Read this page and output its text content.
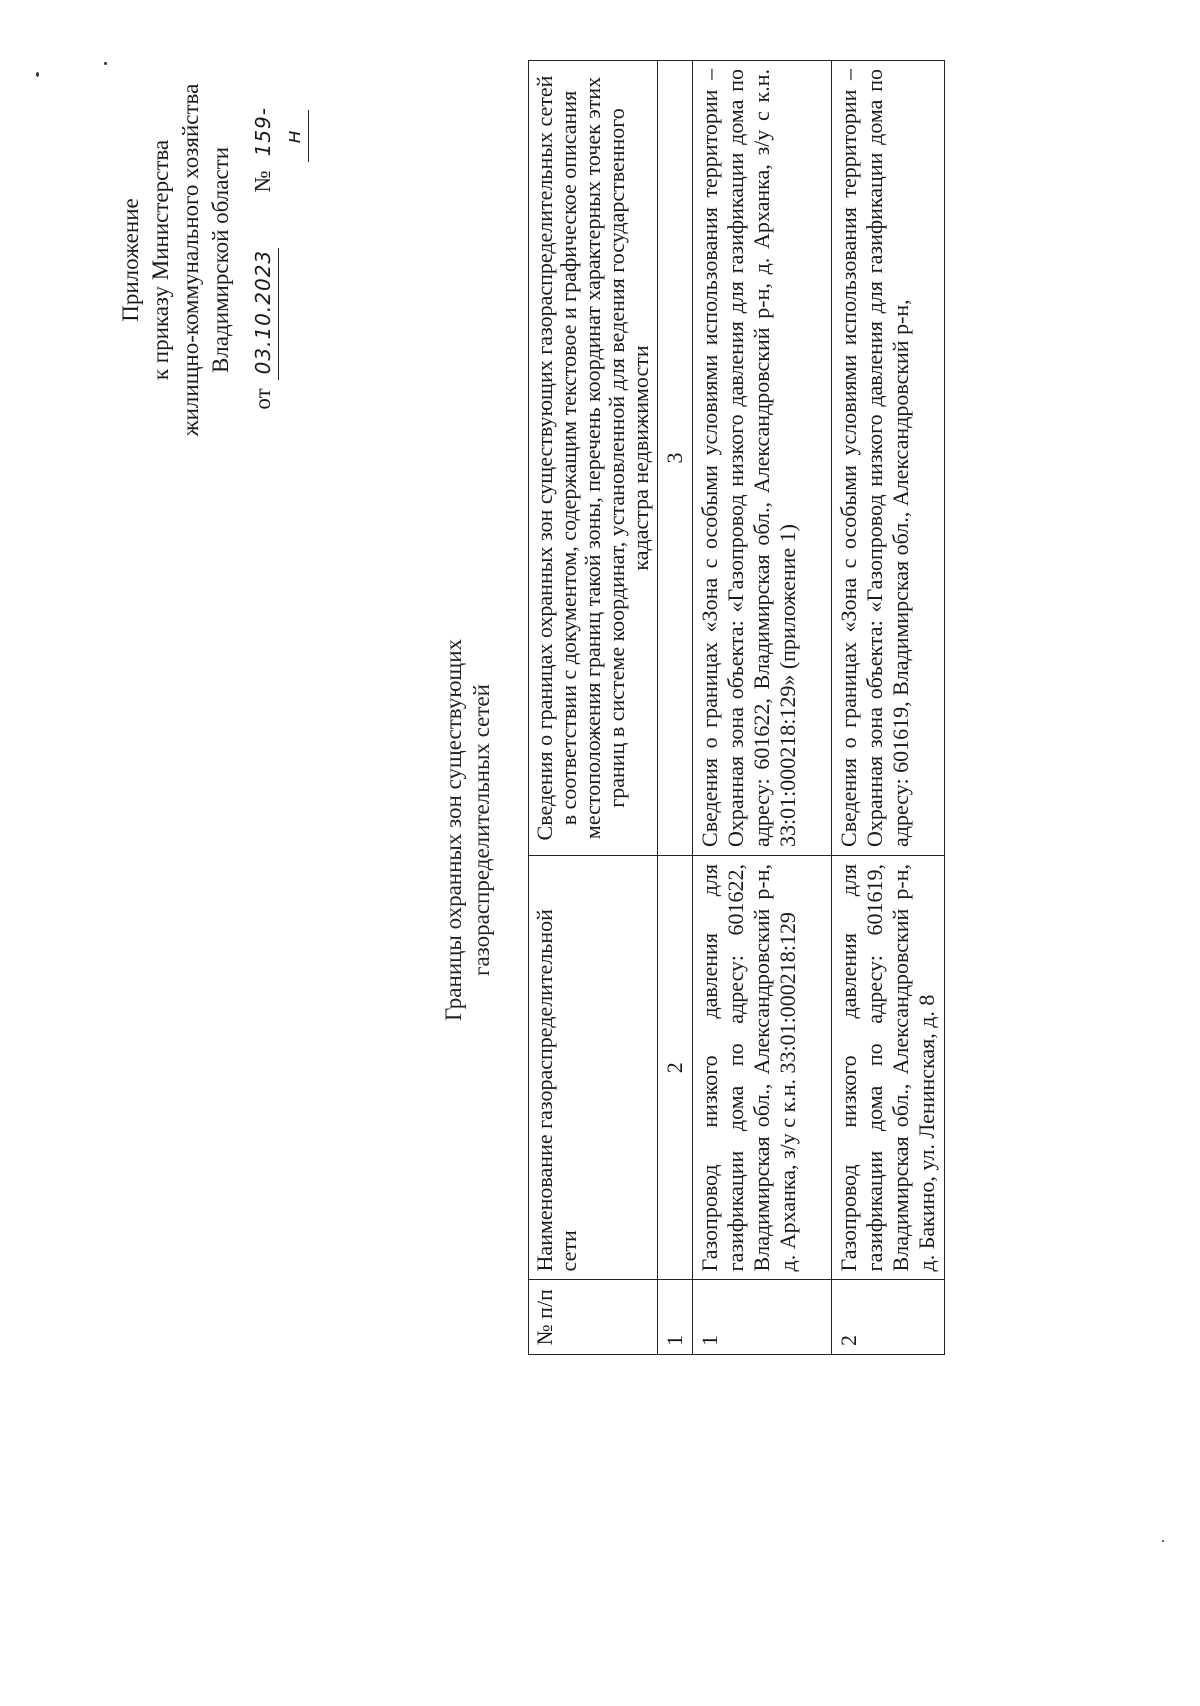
Приложение к приказу Министерства жилищно-коммунального хозяйства Владимирской области
от
03.10.2023
№
159-н
Границы охранных зон существующих газораспределительных сетей
№ п/п	Наименование газораспределительной сети	Сведения о границах охранных зон существующих газораспределительных сетей в соответствии с документом, содержащим текстовое и графическое описания местоположения границ такой зоны, перечень координат характерных точек этих границ в системе координат, установленной для ведения государственного кадастра недвижимости
1	2	3
1	Газопровод низкого давления для газификации дома по адресу: 601622, Владимирская обл., Александровский р-н, д. Арханка, з/у с к.н. 33:01:000218:129	Сведения о границах «Зона с особыми условиями использования территории – Охранная зона объекта: «Газопровод низкого давления для газификации дома по адресу: 601622, Владимирская обл., Александровский р-н, д. Арханка, з/у с к.н. 33:01:000218:129» (приложение 1)
2	Газопровод низкого давления для газификации дома по адресу: 601619, Владимирская обл., Александровский р-н, д. Бакино, ул. Ленинская, д. 8	Сведения о границах «Зона с особыми условиями использования территории – Охранная зона объекта: «Газопровод низкого давления для газификации дома по адресу: 601619, Владимирская обл., Александровский р-н,
